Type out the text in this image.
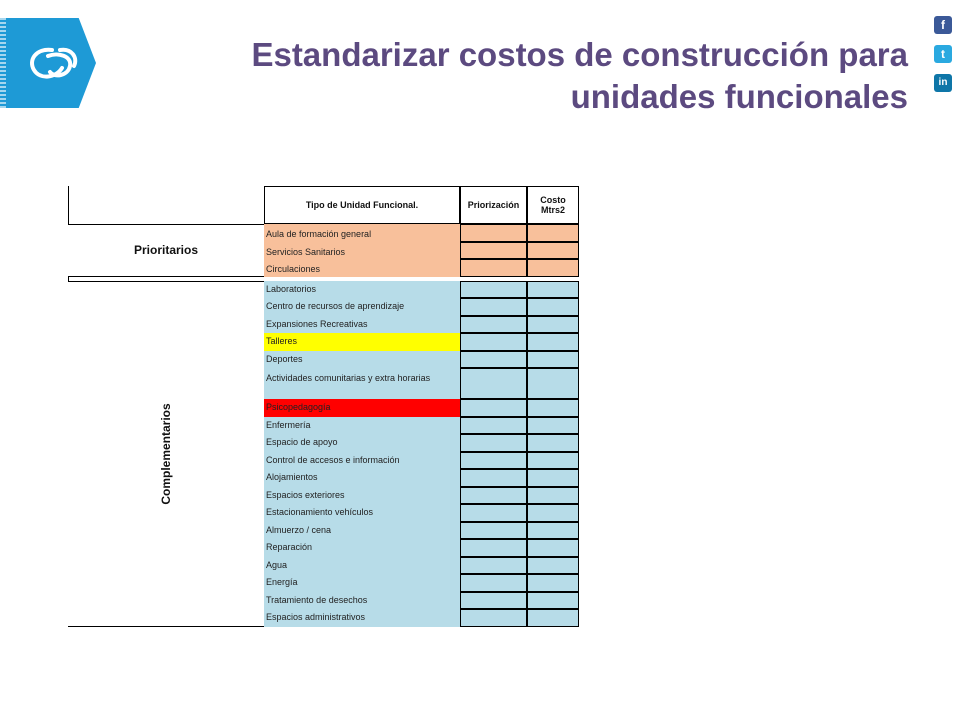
f
t
in
Estandarizar costos de construcción para
unidades funcionales
Tipo de Unidad Funcional.	Priorización	Costo Mtrs2
Aula de formación general
Servicios Sanitarios
Circulaciones
Prioritarios
Laboratorios
Centro de recursos de aprendizaje
Expansiones Recreativas
Talleres
Deportes
Actividades comunitarias y extra horarias
Psicopedagogía
Enfermería
Espacio de apoyo
Control de accesos e información
Alojamientos
Espacios exteriores
Estacionamiento vehículos
Almuerzo / cena
Reparación
Agua
Energía
Tratamiento de desechos
Espacios administrativos
Complementarios
